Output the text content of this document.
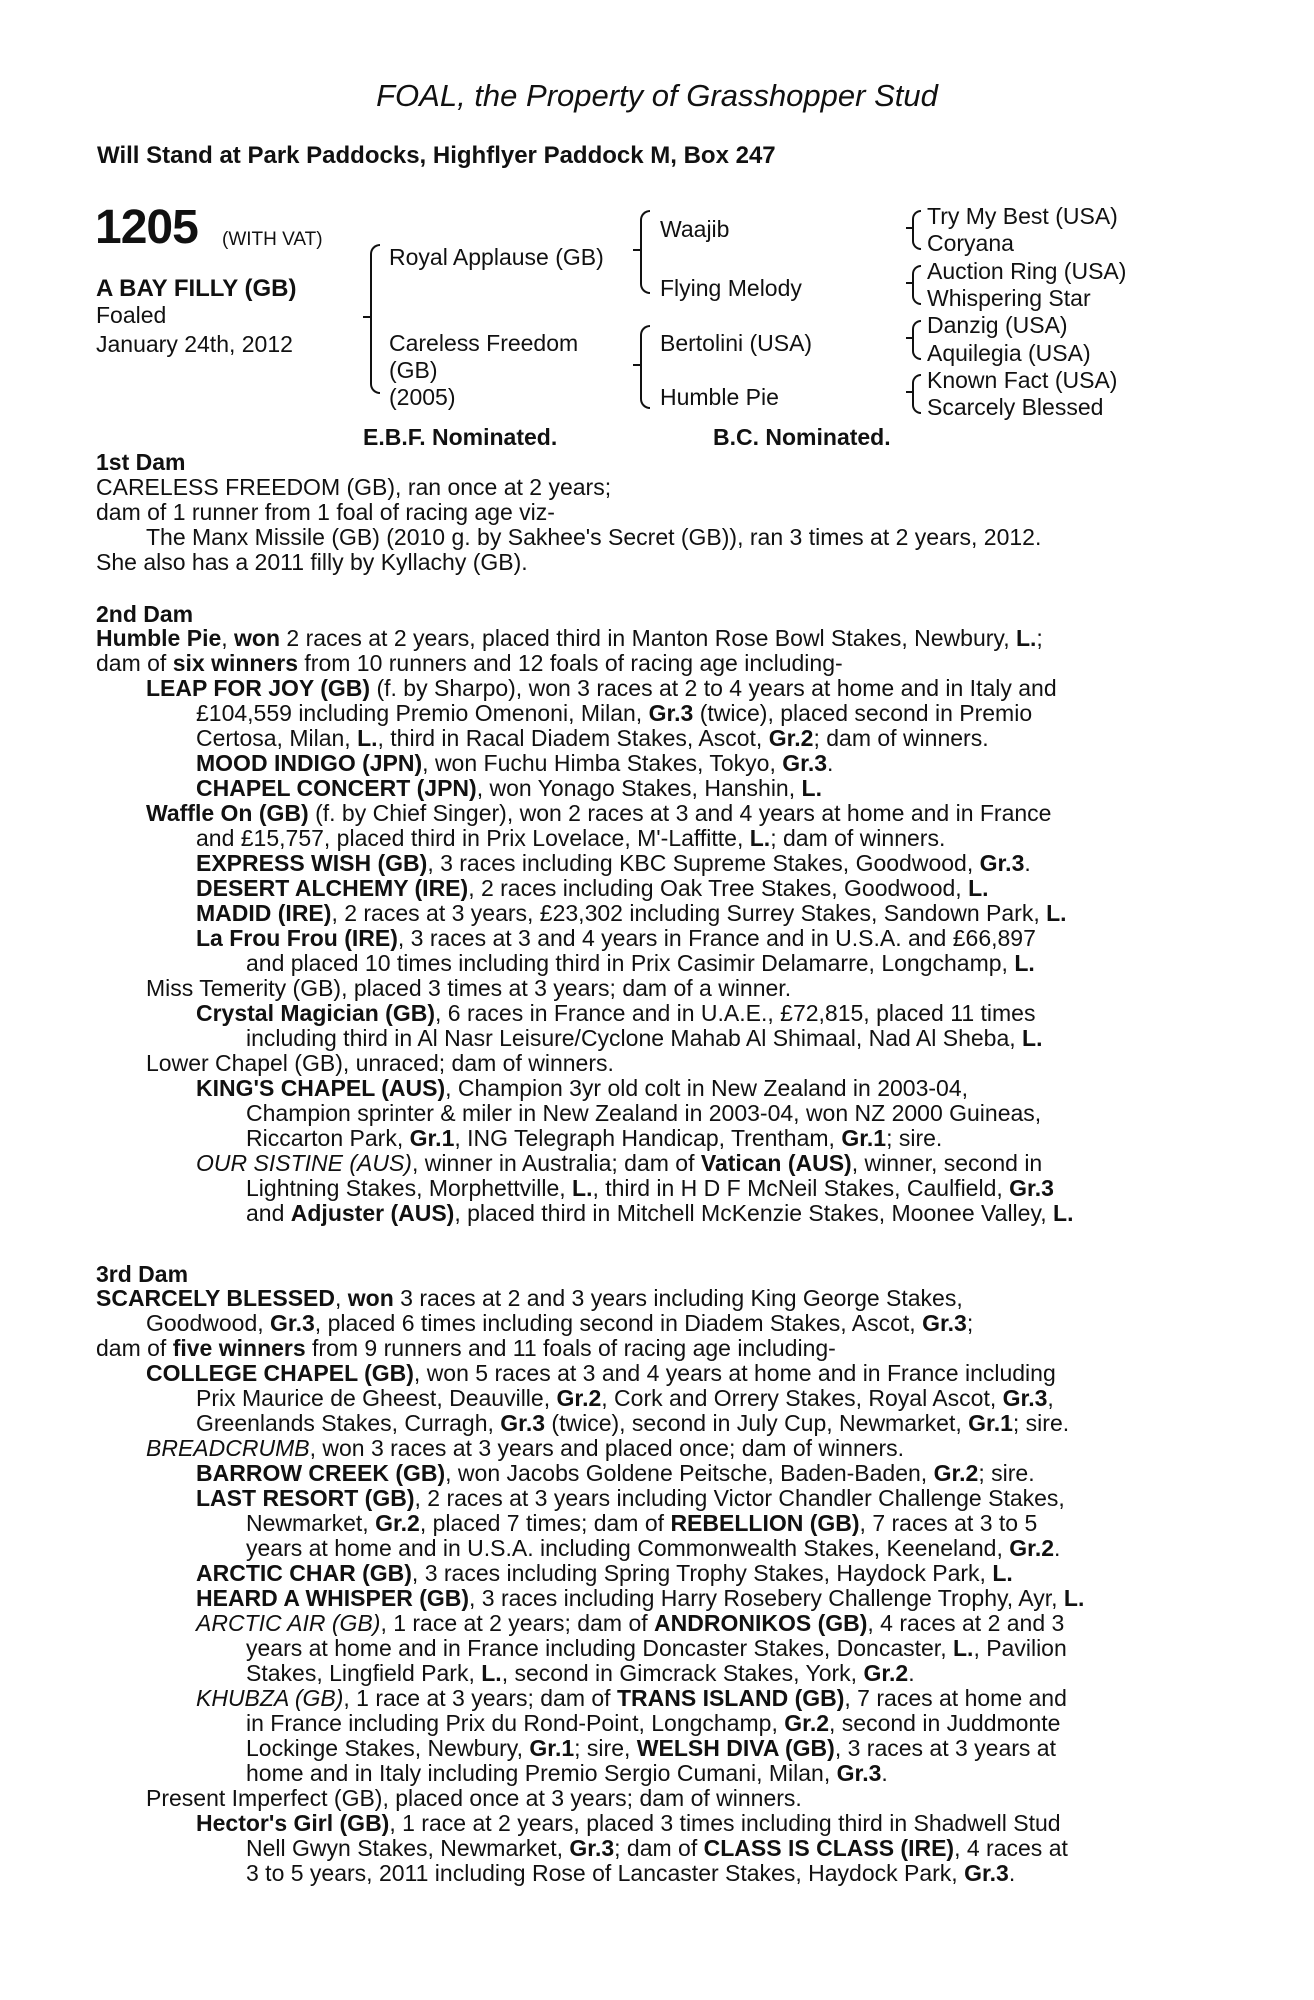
FOAL, the Property of Grasshopper Stud
Will Stand at Park Paddocks, Highflyer Paddock M, Box 247
1205 (WITH VAT)
A BAY FILLY (GB)
Foaled
January 24th, 2012
Royal Applause (GB)
Careless Freedom
(GB)
(2005)
Waajib
Flying Melody
Bertolini (USA)
Humble Pie
Try My Best (USA)
Coryana
Auction Ring (USA)
Whispering Star
Danzig (USA)
Aquilegia (USA)
Known Fact (USA)
Scarcely Blessed
E.B.F. Nominated.	B.C. Nominated.
1st Dam
CARELESS FREEDOM (GB), ran once at 2 years;
dam of 1 runner from 1 foal of racing age viz-
The Manx Missile (GB) (2010 g. by Sakhee's Secret (GB)), ran 3 times at 2 years, 2012.
She also has a 2011 filly by Kyllachy (GB).
2nd Dam
Humble Pie, won 2 races at 2 years, placed third in Manton Rose Bowl Stakes, Newbury, L.;
dam of six winners from 10 runners and 12 foals of racing age including-
LEAP FOR JOY (GB) (f. by Sharpo), won 3 races at 2 to 4 years at home and in Italy and
£104,559 including Premio Omenoni, Milan, Gr.3 (twice), placed second in Premio
Certosa, Milan, L., third in Racal Diadem Stakes, Ascot, Gr.2; dam of winners.
MOOD INDIGO (JPN), won Fuchu Himba Stakes, Tokyo, Gr.3.
CHAPEL CONCERT (JPN), won Yonago Stakes, Hanshin, L.
Waffle On (GB) (f. by Chief Singer), won 2 races at 3 and 4 years at home and in France
and £15,757, placed third in Prix Lovelace, M'-Laffitte, L.; dam of winners.
EXPRESS WISH (GB), 3 races including KBC Supreme Stakes, Goodwood, Gr.3.
DESERT ALCHEMY (IRE), 2 races including Oak Tree Stakes, Goodwood, L.
MADID (IRE), 2 races at 3 years, £23,302 including Surrey Stakes, Sandown Park, L.
La Frou Frou (IRE), 3 races at 3 and 4 years in France and in U.S.A. and £66,897
and placed 10 times including third in Prix Casimir Delamarre, Longchamp, L.
Miss Temerity (GB), placed 3 times at 3 years; dam of a winner.
Crystal Magician (GB), 6 races in France and in U.A.E., £72,815, placed 11 times
including third in Al Nasr Leisure/Cyclone Mahab Al Shimaal, Nad Al Sheba, L.
Lower Chapel (GB), unraced; dam of winners.
KING'S CHAPEL (AUS), Champion 3yr old colt in New Zealand in 2003-04,
Champion sprinter & miler in New Zealand in 2003-04, won NZ 2000 Guineas,
Riccarton Park, Gr.1, ING Telegraph Handicap, Trentham, Gr.1; sire.
OUR SISTINE (AUS), winner in Australia; dam of Vatican (AUS), winner, second in
Lightning Stakes, Morphettville, L., third in H D F McNeil Stakes, Caulfield, Gr.3
and Adjuster (AUS), placed third in Mitchell McKenzie Stakes, Moonee Valley, L.
3rd Dam
SCARCELY BLESSED, won 3 races at 2 and 3 years including King George Stakes,
Goodwood, Gr.3, placed 6 times including second in Diadem Stakes, Ascot, Gr.3;
dam of five winners from 9 runners and 11 foals of racing age including-
COLLEGE CHAPEL (GB), won 5 races at 3 and 4 years at home and in France including
Prix Maurice de Gheest, Deauville, Gr.2, Cork and Orrery Stakes, Royal Ascot, Gr.3,
Greenlands Stakes, Curragh, Gr.3 (twice), second in July Cup, Newmarket, Gr.1; sire.
BREADCRUMB, won 3 races at 3 years and placed once; dam of winners.
BARROW CREEK (GB), won Jacobs Goldene Peitsche, Baden-Baden, Gr.2; sire.
LAST RESORT (GB), 2 races at 3 years including Victor Chandler Challenge Stakes,
Newmarket, Gr.2, placed 7 times; dam of REBELLION (GB), 7 races at 3 to 5
years at home and in U.S.A. including Commonwealth Stakes, Keeneland, Gr.2.
ARCTIC CHAR (GB), 3 races including Spring Trophy Stakes, Haydock Park, L.
HEARD A WHISPER (GB), 3 races including Harry Rosebery Challenge Trophy, Ayr, L.
ARCTIC AIR (GB), 1 race at 2 years; dam of ANDRONIKOS (GB), 4 races at 2 and 3
years at home and in France including Doncaster Stakes, Doncaster, L., Pavilion
Stakes, Lingfield Park, L., second in Gimcrack Stakes, York, Gr.2.
KHUBZA (GB), 1 race at 3 years; dam of TRANS ISLAND (GB), 7 races at home and
in France including Prix du Rond-Point, Longchamp, Gr.2, second in Juddmonte
Lockinge Stakes, Newbury, Gr.1; sire, WELSH DIVA (GB), 3 races at 3 years at
home and in Italy including Premio Sergio Cumani, Milan, Gr.3.
Present Imperfect (GB), placed once at 3 years; dam of winners.
Hector's Girl (GB), 1 race at 2 years, placed 3 times including third in Shadwell Stud
Nell Gwyn Stakes, Newmarket, Gr.3; dam of CLASS IS CLASS (IRE), 4 races at
3 to 5 years, 2011 including Rose of Lancaster Stakes, Haydock Park, Gr.3.
